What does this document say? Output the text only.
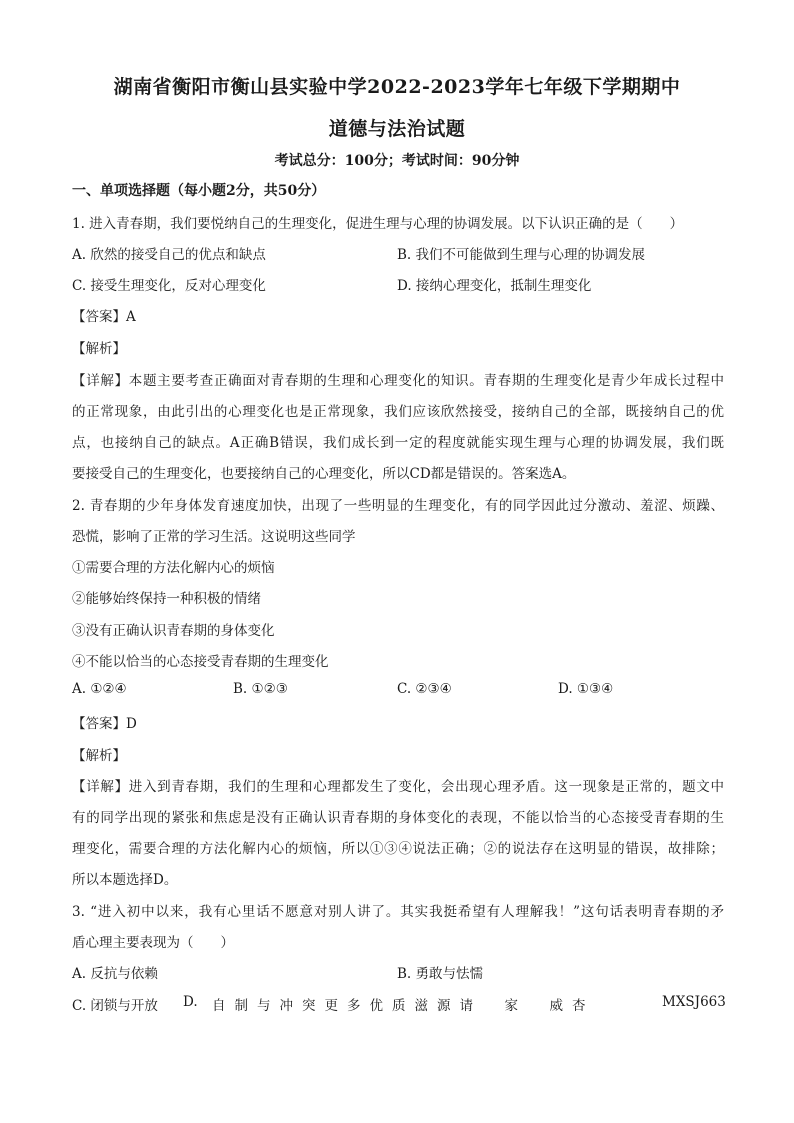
湖南省衡阳市衡山县实验中学2022-2023学年七年级下学期期中
道德与法治试题
考试总分：100分；考试时间：90分钟
一、单项选择题（每小题2分，共50分）
1. 进入青春期，我们要悦纳自己的生理变化，促进生理与心理的协调发展。以下认识正确的是（　　）
A. 欣然的接受自己的优点和缺点	B. 我们不可能做到生理与心理的协调发展
C. 接受生理变化，反对心理变化	D. 接纳心理变化，抵制生理变化
【答案】A
【解析】
【详解】本题主要考查正确面对青春期的生理和心理变化的知识。青春期的生理变化是青少年成长过程中
的正常现象，由此引出的心理变化也是正常现象，我们应该欣然接受，接纳自己的全部，既接纳自己的优
点，也接纳自己的缺点。A正确B错误，我们成长到一定的程度就能实现生理与心理的协调发展，我们既
要接受自己的生理变化，也要接纳自己的心理变化，所以CD都是错误的。答案选A。
2. 青春期的少年身体发育速度加快，出现了一些明显的生理变化，有的同学因此过分激动、羞涩、烦躁、
恐慌，影响了正常的学习生活。这说明这些同学
①需要合理的方法化解内心的烦恼
②能够始终保持一种积极的情绪
③没有正确认识青春期的身体变化
④不能以恰当的心态接受青春期的生理变化
A. ①②④	B. ①②③	C. ②③④	D. ①③④
【答案】D
【解析】
【详解】进入到青春期，我们的生理和心理都发生了变化，会出现心理矛盾。这一现象是正常的，题文中
有的同学出现的紧张和焦虑是没有正确认识青春期的身体变化的表现，不能以恰当的心态接受青春期的生
理变化，需要合理的方法化解内心的烦恼，所以①③④说法正确；②的说法存在这明显的错误，故排除；
所以本题选择D。
3. “进入初中以来，我有心里话不愿意对别人讲了。其实我挺希望有人理解我！”这句话表明青春期的矛
盾心理主要表现为（　　）
A. 反抗与依赖	B. 勇敢与怯懦
C. 闭锁与开放 D. 自制与冲突更多优质滋源请　家　威杏	MXSJ663
